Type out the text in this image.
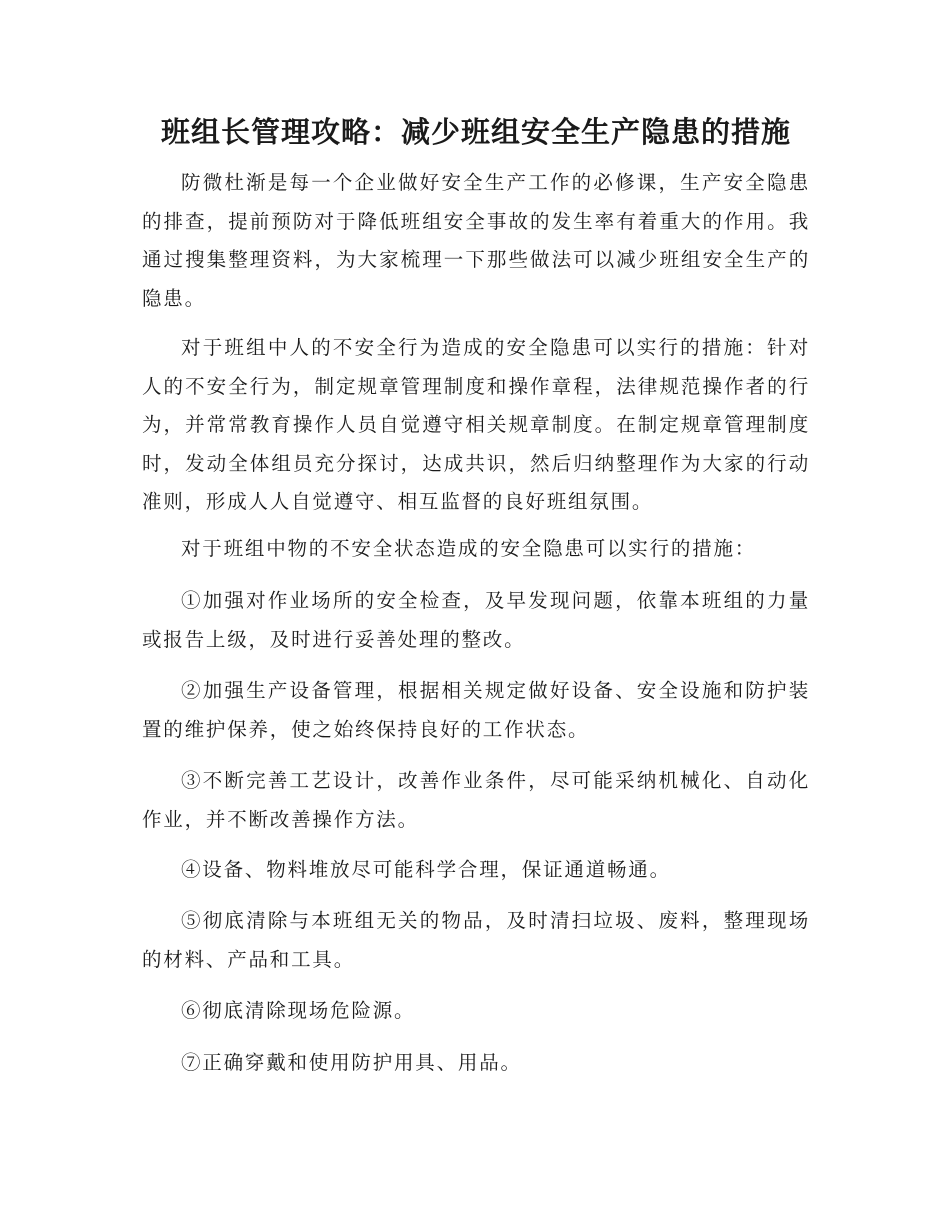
班组长管理攻略：减少班组安全生产隐患的措施

防微杜渐是每一个企业做好安全生产工作的必修课，生产安全隐患的排查，提前预防对于降低班组安全事故的发生率有着重大的作用。我通过搜集整理资料，为大家梳理一下那些做法可以减少班组安全生产的隐患。

对于班组中人的不安全行为造成的安全隐患可以实行的措施：针对人的不安全行为，制定规章管理制度和操作章程，法律规范操作者的行为，并常常教育操作人员自觉遵守相关规章制度。在制定规章管理制度时，发动全体组员充分探讨，达成共识，然后归纳整理作为大家的行动准则，形成人人自觉遵守、相互监督的良好班组氛围。

对于班组中物的不安全状态造成的安全隐患可以实行的措施：

①加强对作业场所的安全检查，及早发现问题，依靠本班组的力量或报告上级，及时进行妥善处理的整改。

②加强生产设备管理，根据相关规定做好设备、安全设施和防护装置的维护保养，使之始终保持良好的工作状态。

③不断完善工艺设计，改善作业条件，尽可能采纳机械化、自动化作业，并不断改善操作方法。

④设备、物料堆放尽可能科学合理，保证通道畅通。

⑤彻底清除与本班组无关的物品，及时清扫垃圾、废料，整理现场的材料、产品和工具。

⑥彻底清除现场危险源。

⑦正确穿戴和使用防护用具、用品。
